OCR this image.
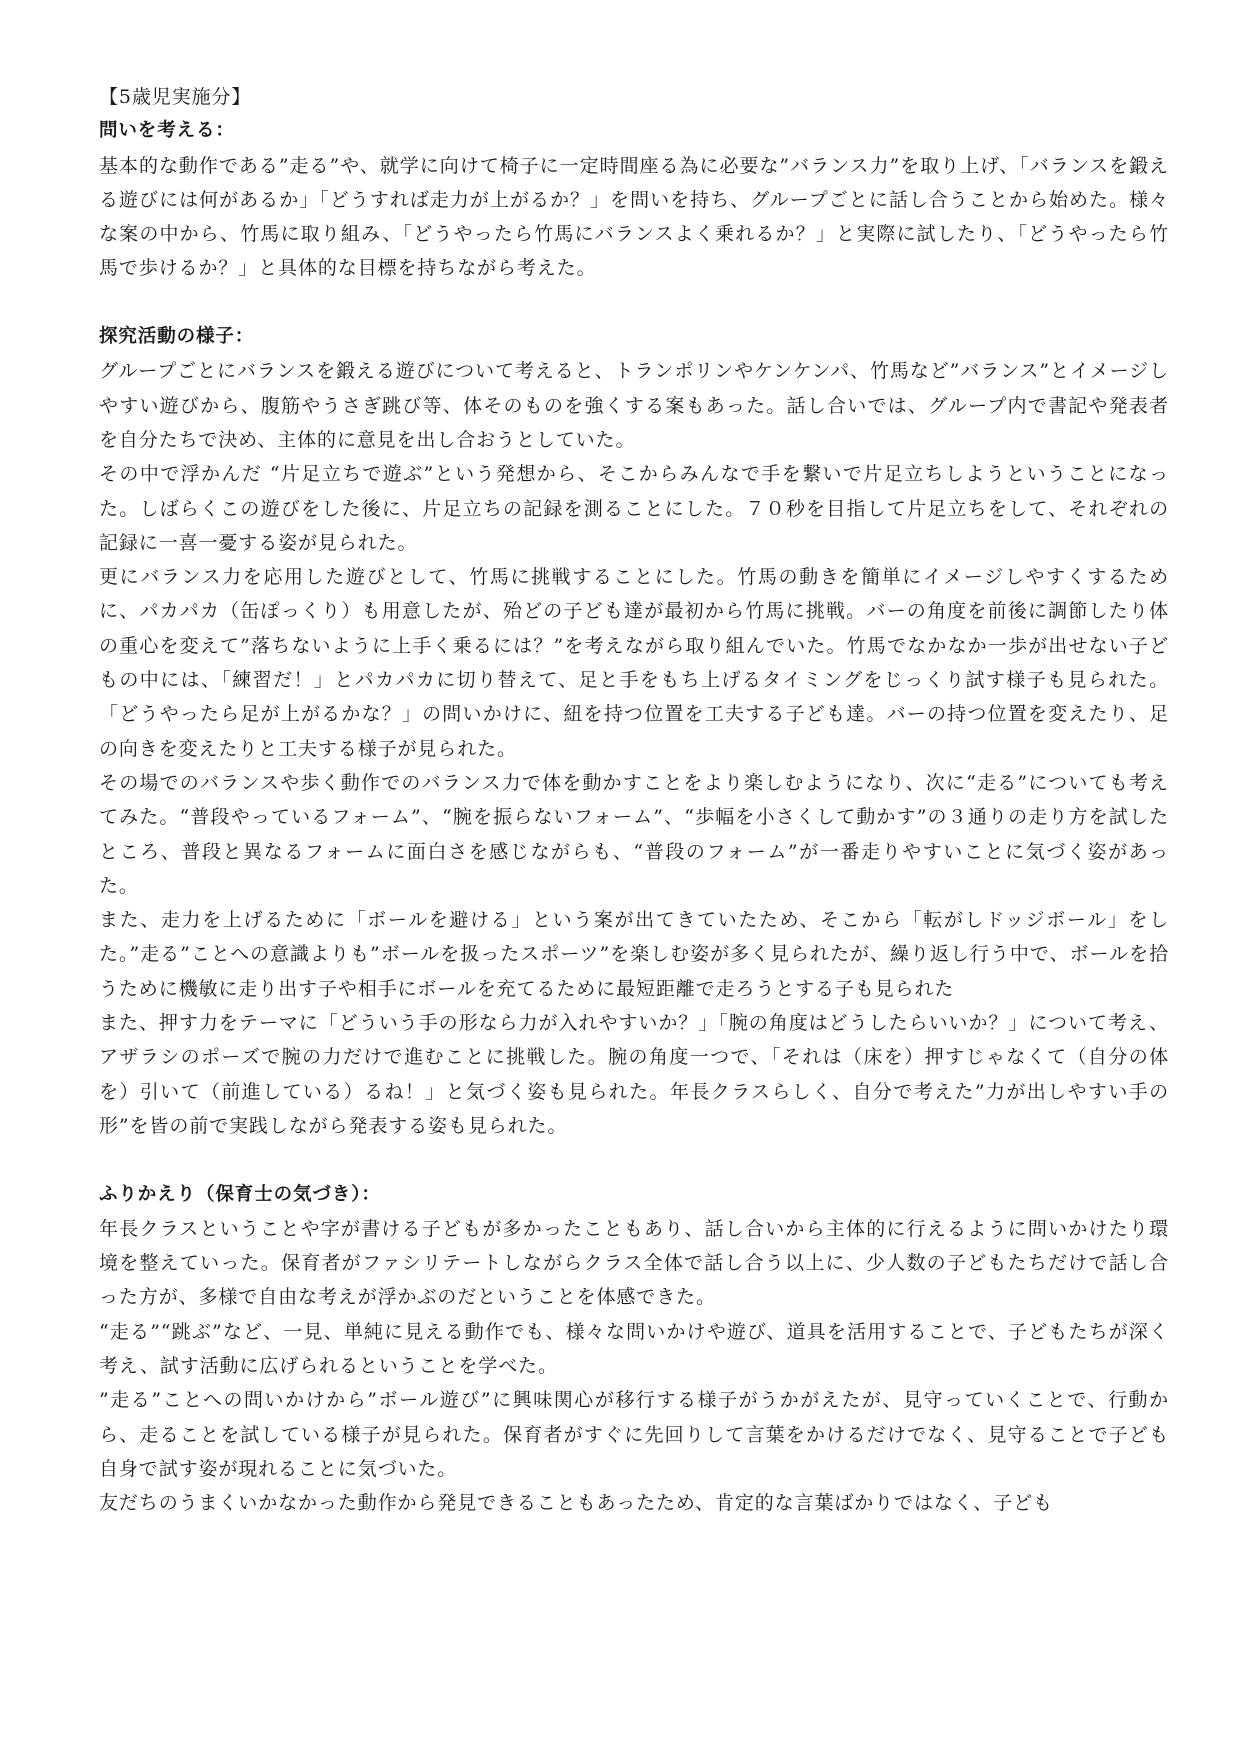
【5歳児実施分】

問いを考える：

基本的な動作である”走る”や、就学に向けて椅子に一定時間座る為に必要な”バランス力”を取り上げ、「バランスを鍛える遊びには何があるか」「どうすれば走力が上がるか？」を問いを持ち、グループごとに話し合うことから始めた。様々な案の中から、竹馬に取り組み、「どうやったら竹馬にバランスよく乗れるか？」と実際に試したり、「どうやったら竹馬で歩けるか？」と具体的な目標を持ちながら考えた。

探究活動の様子：

グループごとにバランスを鍛える遊びについて考えると、トランポリンやケンケンパ、竹馬など”バランス”とイメージしやすい遊びから、腹筋やうさぎ跳び等、体そのものを強くする案もあった。話し合いでは、グループ内で書記や発表者を自分たちで決め、主体的に意見を出し合おうとしていた。

その中で浮かんだ “片足立ちで遊ぶ”という発想から、そこからみんなで手を繋いで片足立ちしようということになった。しばらくこの遊びをした後に、片足立ちの記録を測ることにした。７０秒を目指して片足立ちをして、それぞれの記録に一喜一憂する姿が見られた。

更にバランス力を応用した遊びとして、竹馬に挑戦することにした。竹馬の動きを簡単にイメージしやすくするために、パカパカ（缶ぽっくり）も用意したが、殆どの子ども達が最初から竹馬に挑戦。バーの角度を前後に調節したり体の重心を変えて”落ちないように上手く乗るには？”を考えながら取り組んでいた。竹馬でなかなか一歩が出せない子どもの中には、「練習だ！」とパカパカに切り替えて、足と手をもち上げるタイミングをじっくり試す様子も見られた。「どうやったら足が上がるかな？」の問いかけに、紐を持つ位置を工夫する子ども達。バーの持つ位置を変えたり、足の向きを変えたりと工夫する様子が見られた。

その場でのバランスや歩く動作でのバランス力で体を動かすことをより楽しむようになり、次に“走る”についても考えてみた。“普段やっているフォーム”、“腕を振らないフォーム”、“歩幅を小さくして動かす”の３通りの走り方を試したところ、普段と異なるフォームに面白さを感じながらも、“普段のフォーム”が一番走りやすいことに気づく姿があった。

また、走力を上げるために「ボールを避ける」という案が出てきていたため、そこから「転がしドッジボール」をした。”走る”ことへの意識よりも”ボールを扱ったスポーツ”を楽しむ姿が多く見られたが、繰り返し行う中で、ボールを拾うために機敏に走り出す子や相手にボールを充てるために最短距離で走ろうとする子も見られた

また、押す力をテーマに「どういう手の形なら力が入れやすいか？」「腕の角度はどうしたらいいか？」について考え、アザラシのポーズで腕の力だけで進むことに挑戦した。腕の角度一つで、「それは（床を）押すじゃなくて（自分の体を）引いて（前進している）るね！」と気づく姿も見られた。年長クラスらしく、自分で考えた”力が出しやすい手の形”を皆の前で実践しながら発表する姿も見られた。

ふりかえり（保育士の気づき）：

年長クラスということや字が書ける子どもが多かったこともあり、話し合いから主体的に行えるように問いかけたり環境を整えていった。保育者がファシリテートしながらクラス全体で話し合う以上に、少人数の子どもたちだけで話し合った方が、多様で自由な考えが浮かぶのだということを体感できた。

“走る”“跳ぶ”など、一見、単純に見える動作でも、様々な問いかけや遊び、道具を活用することで、子どもたちが深く考え、試す活動に広げられるということを学べた。

”走る”ことへの問いかけから”ボール遊び”に興味関心が移行する様子がうかがえたが、見守っていくことで、行動から、走ることを試している様子が見られた。保育者がすぐに先回りして言葉をかけるだけでなく、見守ることで子ども自身で試す姿が現れることに気づいた。

友だちのうまくいかなかった動作から発見できることもあったため、肯定的な言葉ばかりではなく、子ども
